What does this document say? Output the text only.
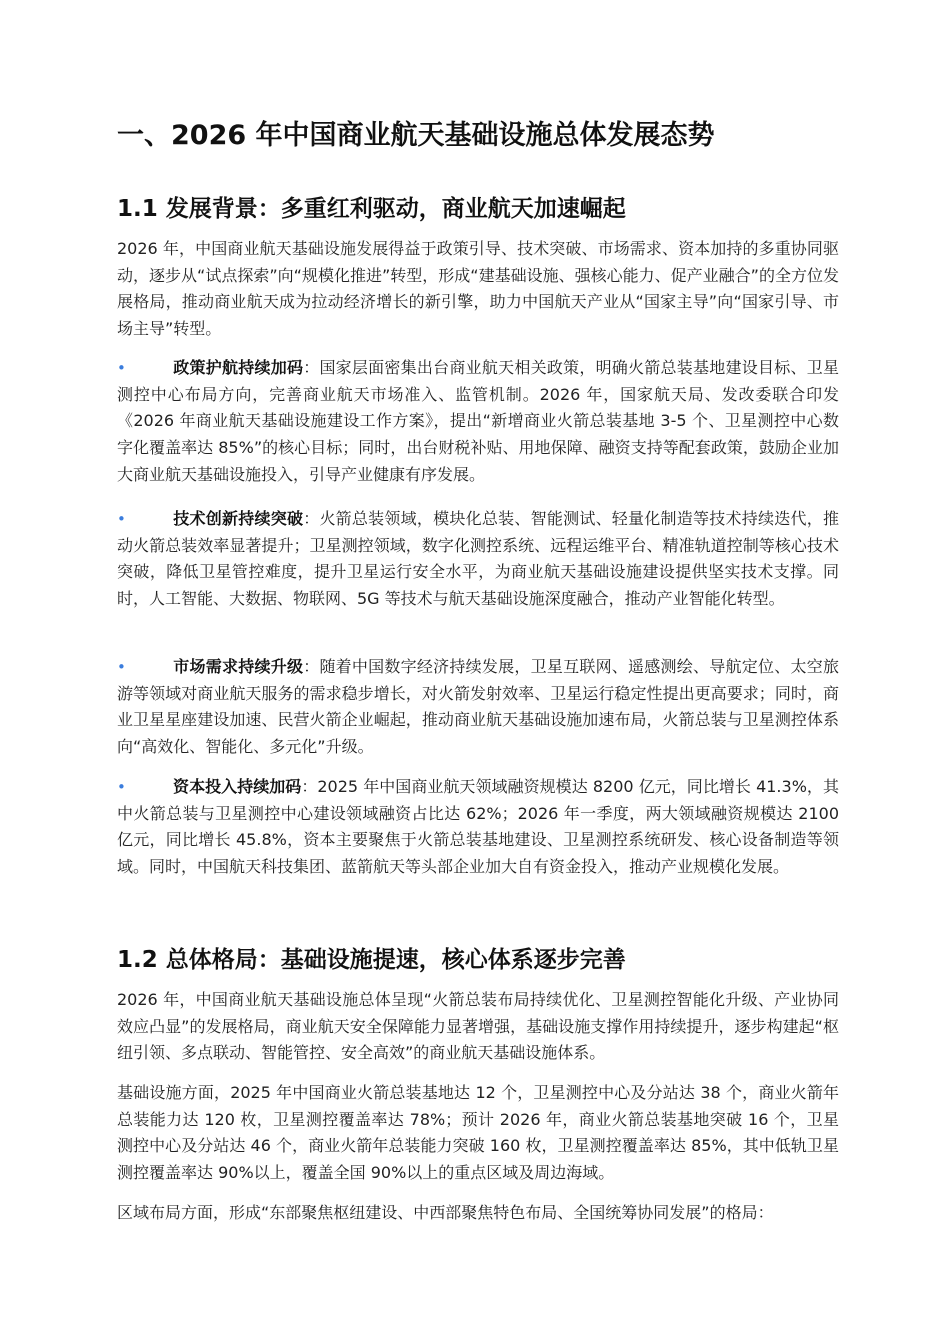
一、2026 年中国商业航天基础设施总体发展态势
1.1 发展背景：多重红利驱动，商业航天加速崛起

2026 年，中国商业航天基础设施发展得益于政策引导、技术突破、市场需求、资本加持的多重协同驱动，逐步从“试点探索”向“规模化推进”转型，形成“建基础设施、强核心能力、促产业融合”的全方位发展格局，推动商业航天成为拉动经济增长的新引擎，助力中国航天产业从“国家主导”向“国家引导、市场主导”转型。

•	政策护航持续加码：国家层面密集出台商业航天相关政策，明确火箭总装基地建设目标、卫星测控中心布局方向，完善商业航天市场准入、监管机制。2026 年，国家航天局、发改委联合印发《2026 年商业航天基础设施建设工作方案》，提出“新增商业火箭总装基地 3-5 个、卫星测控中心数字化覆盖率达 85%”的核心目标；同时，出台财税补贴、用地保障、融资支持等配套政策，鼓励企业加大商业航天基础设施投入，引导产业健康有序发展。

•	技术创新持续突破：火箭总装领域，模块化总装、智能测试、轻量化制造等技术持续迭代，推动火箭总装效率显著提升；卫星测控领域，数字化测控系统、远程运维平台、精准轨道控制等核心技术突破，降低卫星管控难度，提升卫星运行安全水平，为商业航天基础设施建设提供坚实技术支撑。同时，人工智能、大数据、物联网、5G 等技术与航天基础设施深度融合，推动产业智能化转型。

•	市场需求持续升级：随着中国数字经济持续发展，卫星互联网、遥感测绘、导航定位、太空旅游等领域对商业航天服务的需求稳步增长，对火箭发射效率、卫星运行稳定性提出更高要求；同时，商业卫星星座建设加速、民营火箭企业崛起，推动商业航天基础设施加速布局，火箭总装与卫星测控体系向“高效化、智能化、多元化”升级。

•	资本投入持续加码：2025 年中国商业航天领域融资规模达 8200 亿元，同比增长 41.3%，其中火箭总装与卫星测控中心建设领域融资占比达 62%；2026 年一季度，两大领域融资规模达 2100 亿元，同比增长 45.8%，资本主要聚焦于火箭总装基地建设、卫星测控系统研发、核心设备制造等领域。同时，中国航天科技集团、蓝箭航天等头部企业加大自有资金投入，推动产业规模化发展。

1.2 总体格局：基础设施提速，核心体系逐步完善

2026 年，中国商业航天基础设施总体呈现“火箭总装布局持续优化、卫星测控智能化升级、产业协同效应凸显”的发展格局，商业航天安全保障能力显著增强，基础设施支撑作用持续提升，逐步构建起“枢纽引领、多点联动、智能管控、安全高效”的商业航天基础设施体系。

基础设施方面，2025 年中国商业火箭总装基地达 12 个，卫星测控中心及分站达 38 个，商业火箭年总装能力达 120 枚，卫星测控覆盖率达 78%；预计 2026 年，商业火箭总装基地突破 16 个，卫星测控中心及分站达 46 个，商业火箭年总装能力突破 160 枚，卫星测控覆盖率达 85%，其中低轨卫星测控覆盖率达 90%以上，覆盖全国 90%以上的重点区域及周边海域。

区域布局方面，形成“东部聚焦枢纽建设、中西部聚焦特色布局、全国统筹协同发展”的格局：
